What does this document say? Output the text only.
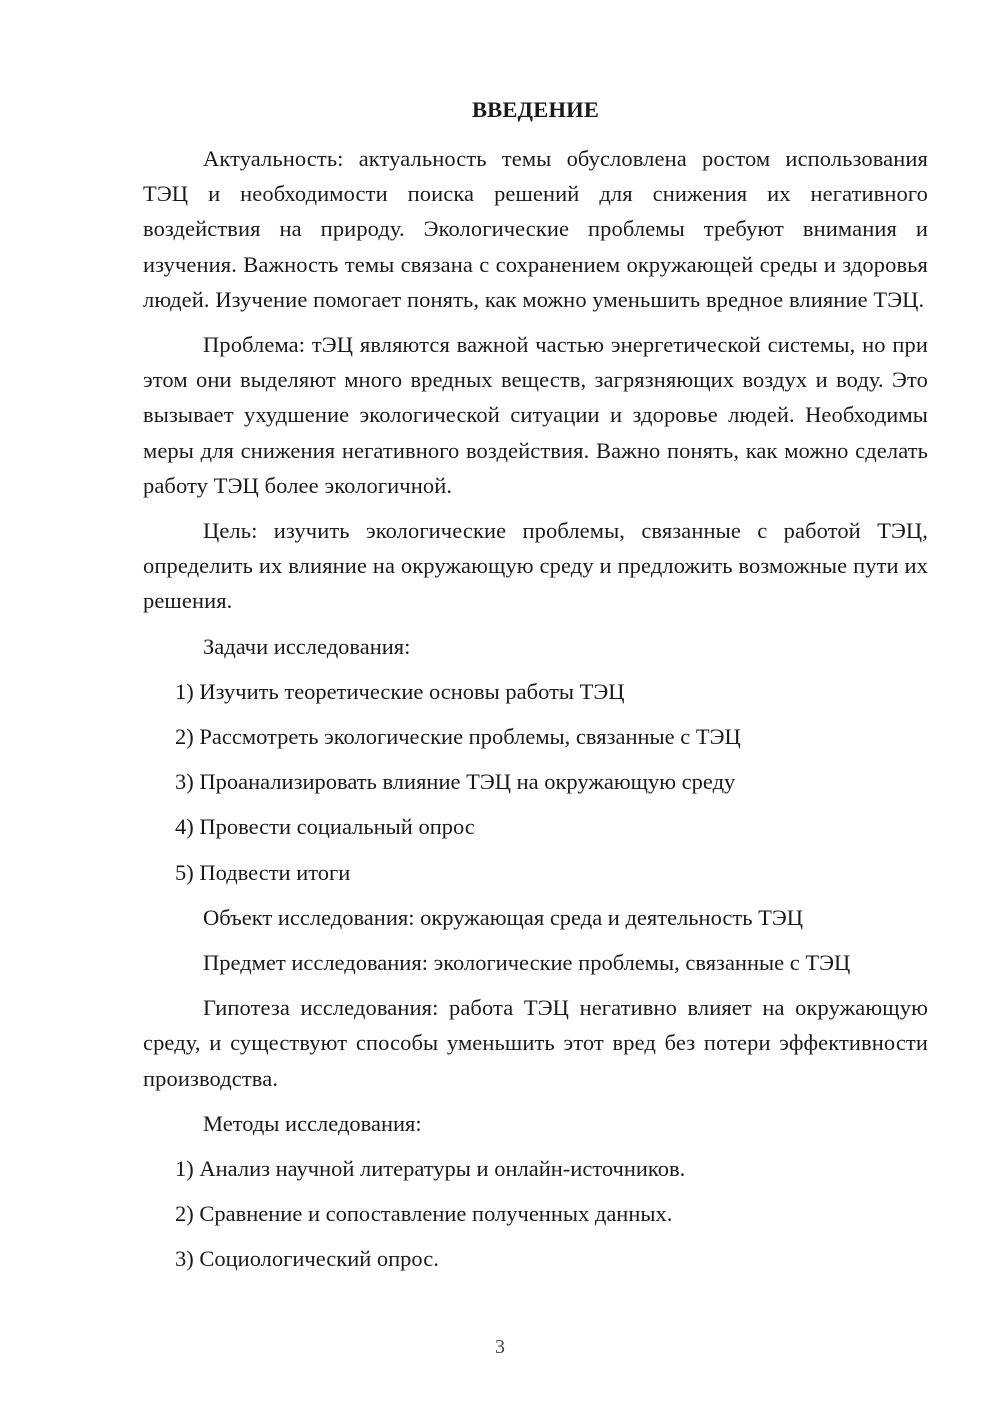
ВВЕДЕНИЕ

Актуальность: актуальность темы обусловлена ростом использования ТЭЦ и необходимости поиска решений для снижения их негативного воздействия на природу. Экологические проблемы требуют внимания и изучения. Важность темы связана с сохранением окружающей среды и здоровья людей. Изучение помогает понять, как можно уменьшить вредное влияние ТЭЦ.

Проблема: тЭЦ являются важной частью энергетической системы, но при этом они выделяют много вредных веществ, загрязняющих воздух и воду. Это вызывает ухудшение экологической ситуации и здоровье людей. Необходимы меры для снижения негативного воздействия. Важно понять, как можно сделать работу ТЭЦ более экологичной.

Цель: изучить экологические проблемы, связанные с работой ТЭЦ, определить их влияние на окружающую среду и предложить возможные пути их решения.

Задачи исследования:
1) Изучить теоретические основы работы ТЭЦ
2) Рассмотреть экологические проблемы, связанные с ТЭЦ
3) Проанализировать влияние ТЭЦ на окружающую среду
4) Провести социальный опрос
5) Подвести итоги
Объект исследования: окружающая среда и деятельность ТЭЦ
Предмет исследования: экологические проблемы, связанные с ТЭЦ

Гипотеза исследования: работа ТЭЦ негативно влияет на окружающую среду, и существуют способы уменьшить этот вред без потери эффективности производства.

Методы исследования:
1) Анализ научной литературы и онлайн-источников.
2) Сравнение и сопоставление полученных данных.
3) Социологический опрос.
3
